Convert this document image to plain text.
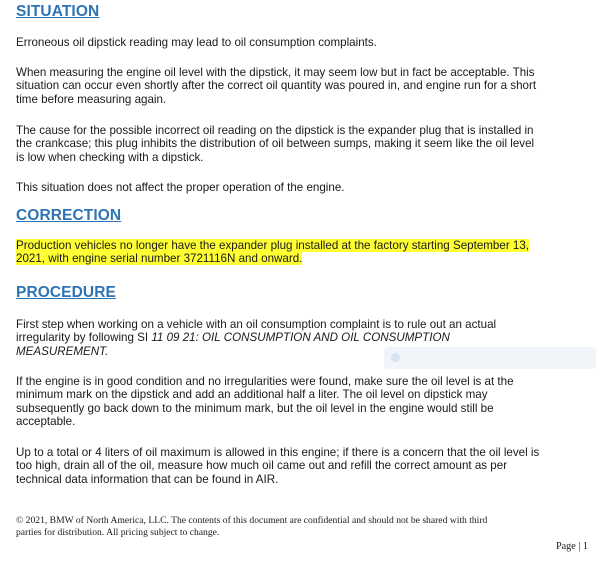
SITUATION
Erroneous oil dipstick reading may lead to oil consumption complaints.
When measuring the engine oil level with the dipstick, it may seem low but in fact be acceptable. This
situation can occur even shortly after the correct oil quantity was poured in, and engine run for a short
time before measuring again.
The cause for the possible incorrect oil reading on the dipstick is the expander plug that is installed in
the crankcase; this plug inhibits the distribution of oil between sumps, making it seem like the oil level
is low when checking with a dipstick.
This situation does not affect the proper operation of the engine.
CORRECTION
Production vehicles no longer have the expander plug installed at the factory starting September 13,
2021, with engine serial number 3721116N and onward.
PROCEDURE
First step when working on a vehicle with an oil consumption complaint is to rule out an actual
irregularity by following SI 11 09 21: OIL CONSUMPTION AND OIL CONSUMPTION
MEASUREMENT.
If the engine is in good condition and no irregularities were found, make sure the oil level is at the
minimum mark on the dipstick and add an additional half a liter. The oil level on dipstick may
subsequently go back down to the minimum mark, but the oil level in the engine would still be
acceptable.
Up to a total or 4 liters of oil maximum is allowed in this engine; if there is a concern that the oil level is
too high, drain all of the oil, measure how much oil came out and refill the correct amount as per
technical data information that can be found in AIR.
© 2021, BMW of North America, LLC. The contents of this document are confidential and should not be shared with third
parties for distribution. All pricing subject to change.
Page | 1
